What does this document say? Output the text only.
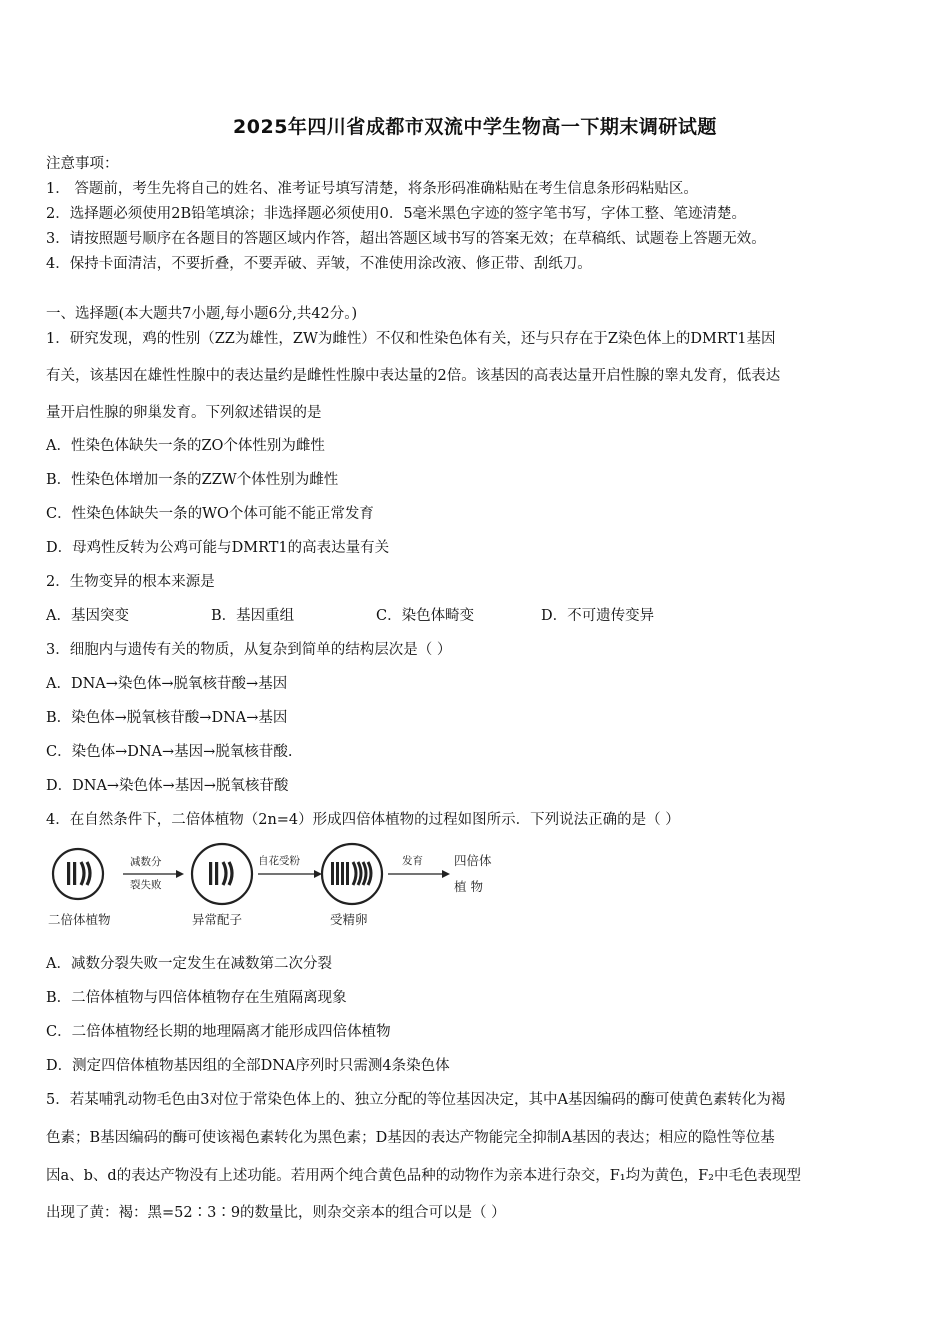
2025年四川省成都市双流中学生物高一下期末调研试题
注意事项：
1． 答题前，考生先将自己的姓名、准考证号填写清楚，将条形码准确粘贴在考生信息条形码粘贴区。
2．选择题必须使用2B铅笔填涂；非选择题必须使用0．5毫米黑色字迹的签字笔书写，字体工整、笔迹清楚。
3．请按照题号顺序在各题目的答题区域内作答，超出答题区域书写的答案无效；在草稿纸、试题卷上答题无效。
4．保持卡面清洁，不要折叠，不要弄破、弄皱，不准使用涂改液、修正带、刮纸刀。
一、选择题(本大题共7小题,每小题6分,共42分。)
1．研究发现，鸡的性别（ZZ为雄性，ZW为雌性）不仅和性染色体有关，还与只存在于Z染色体上的DMRT1基因
有关，该基因在雄性性腺中的表达量约是雌性性腺中表达量的2倍。该基因的高表达量开启性腺的睾丸发育，低表达
量开启性腺的卵巢发育。下列叙述错误的是
A．性染色体缺失一条的ZO个体性别为雌性
B．性染色体增加一条的ZZW个体性别为雌性
C．性染色体缺失一条的WO个体可能不能正常发育
D．母鸡性反转为公鸡可能与DMRT1的高表达量有关
2．生物变异的根本来源是
A．基因突变	B．基因重组	C．染色体畸变	D．不可遗传变异
3．细胞内与遗传有关的物质，从复杂到简单的结构层次是（ ）
A．DNA→染色体→脱氧核苷酸→基因
B．染色体→脱氧核苷酸→DNA→基因
C．染色体→DNA→基因→脱氧核苷酸.
D．DNA→染色体→基因→脱氧核苷酸
4．在自然条件下，二倍体植物（2n=4）形成四倍体植物的过程如图所示．下列说法正确的是（ ）
二倍体植物
减数分
裂失败
异常配子
自花受粉
受精卵
发育 四倍体
植 物
A．减数分裂失败一定发生在减数第二次分裂
B．二倍体植物与四倍体植物存在生殖隔离现象
C．二倍体植物经长期的地理隔离才能形成四倍体植物
D．测定四倍体植物基因组的全部DNA序列时只需测4条染色体
5．若某哺乳动物毛色由3对位于常染色体上的、独立分配的等位基因决定，其中A基因编码的酶可使黄色素转化为褐
色素；B基因编码的酶可使该褐色素转化为黑色素；D基因的表达产物能完全抑制A基因的表达；相应的隐性等位基
因a、b、d的表达产物没有上述功能。若用两个纯合黄色品种的动物作为亲本进行杂交，F₁均为黄色，F₂中毛色表现型
出现了黄：褐：黑=52∶3∶9的数量比，则杂交亲本的组合可以是（ ）
